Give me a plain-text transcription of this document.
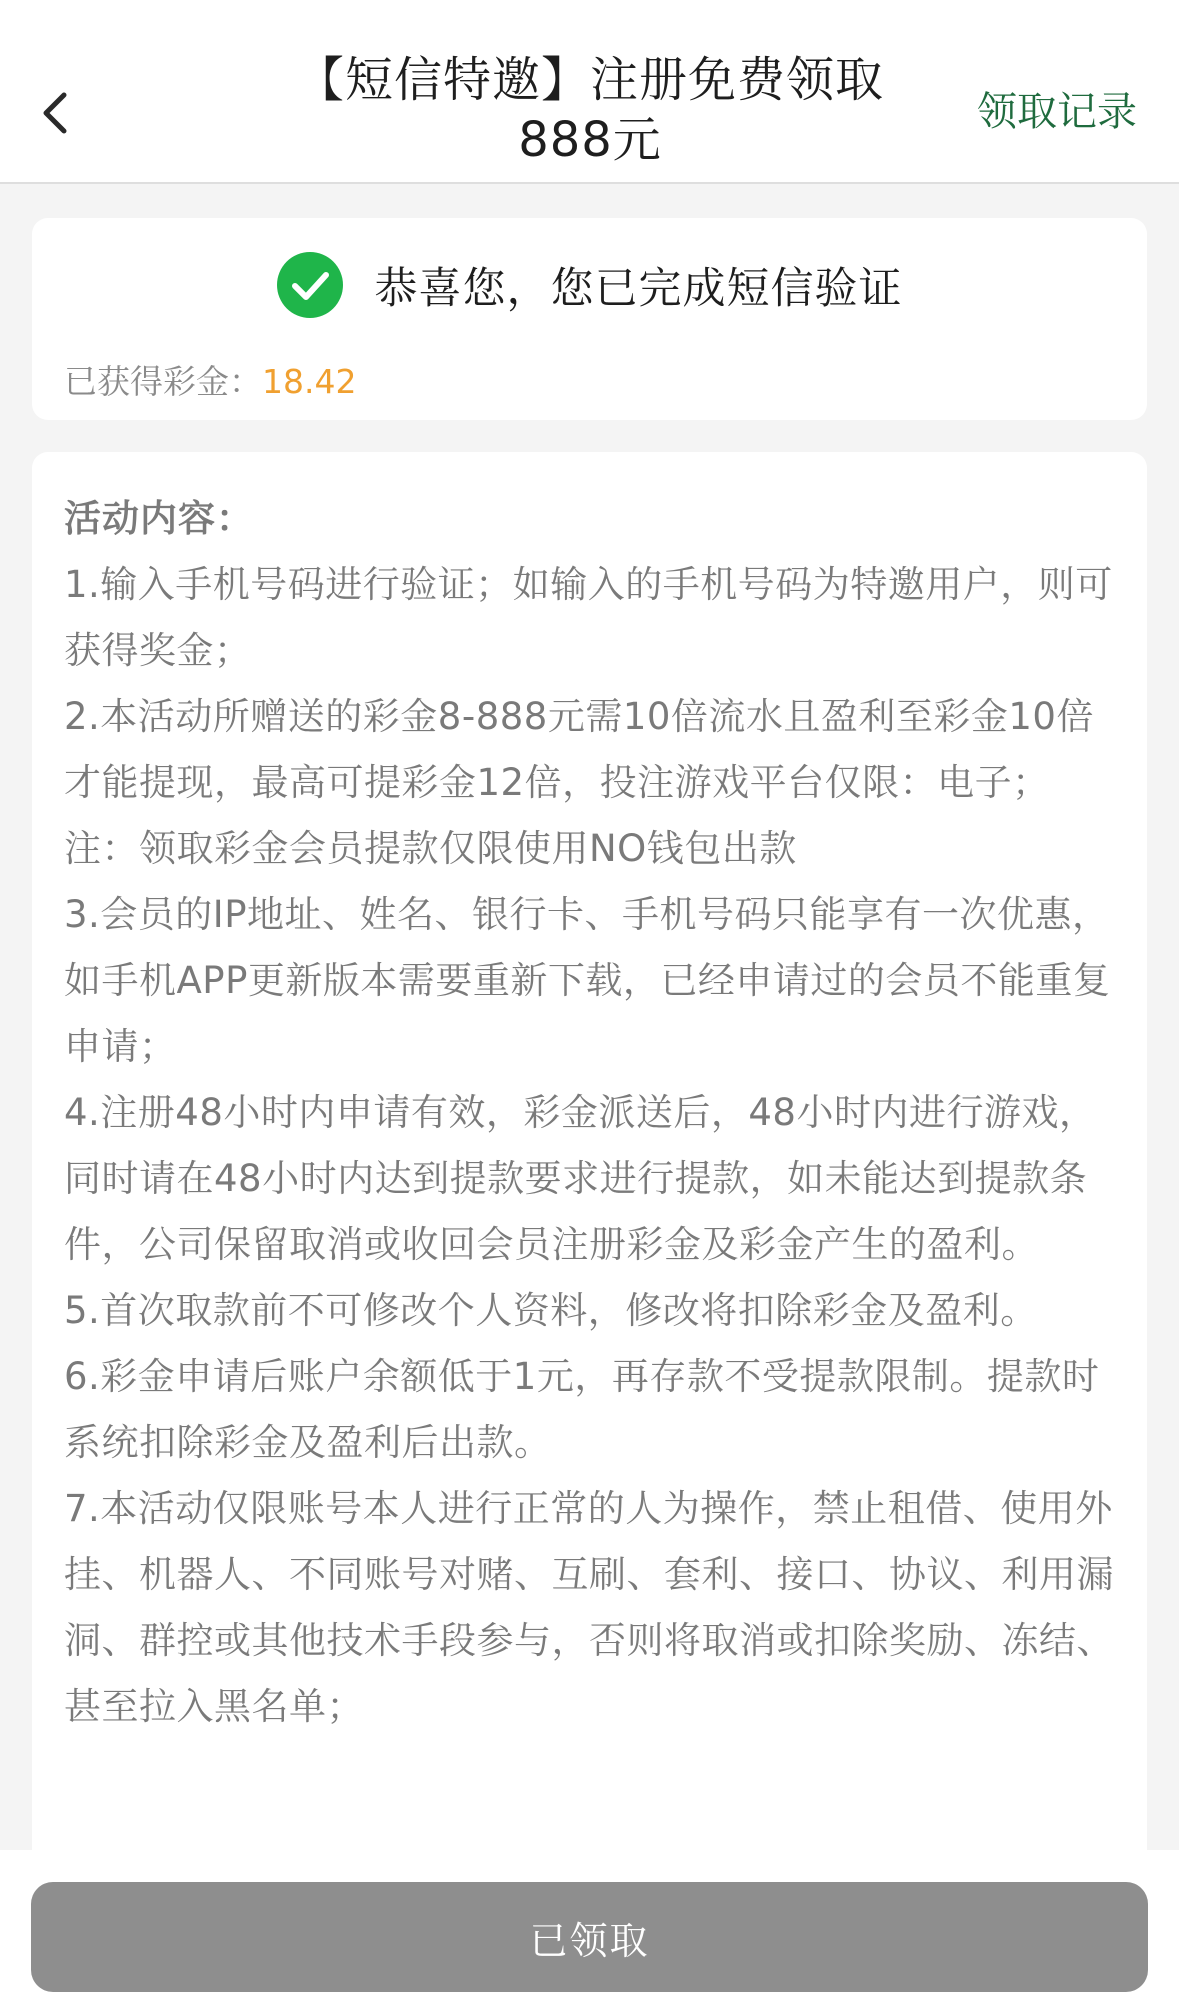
【短信特邀】注册免费领取888元	领取记录
恭喜您，您已完成短信验证
已获得彩金：18.42
活动内容：

1.输入手机号码进行验证；如输入的手机号码为特邀用户，则可获得奖金；

2.本活动所赠送的彩金8-888元需10倍流水且盈利至彩金10倍才能提现，最高可提彩金12倍，投注游戏平台仅限：电子；注：领取彩金会员提款仅限使用NO钱包出款

3.会员的IP地址、姓名、银行卡、手机号码只能享有一次优惠，如手机APP更新版本需要重新下载，已经申请过的会员不能重复申请；

4.注册48小时内申请有效，彩金派送后，48小时内进行游戏，同时请在48小时内达到提款要求进行提款，如未能达到提款条件，公司保留取消或收回会员注册彩金及彩金产生的盈利。

5.首次取款前不可修改个人资料，修改将扣除彩金及盈利。

6.彩金申请后账户余额低于1元，再存款不受提款限制。提款时系统扣除彩金及盈利后出款。

7.本活动仅限账号本人进行正常的人为操作，禁止租借、使用外挂、机器人、不同账号对赌、互刷、套利、接口、协议、利用漏洞、群控或其他技术手段参与，否则将取消或扣除奖励、冻结、甚至拉入黑名单；

已领取
